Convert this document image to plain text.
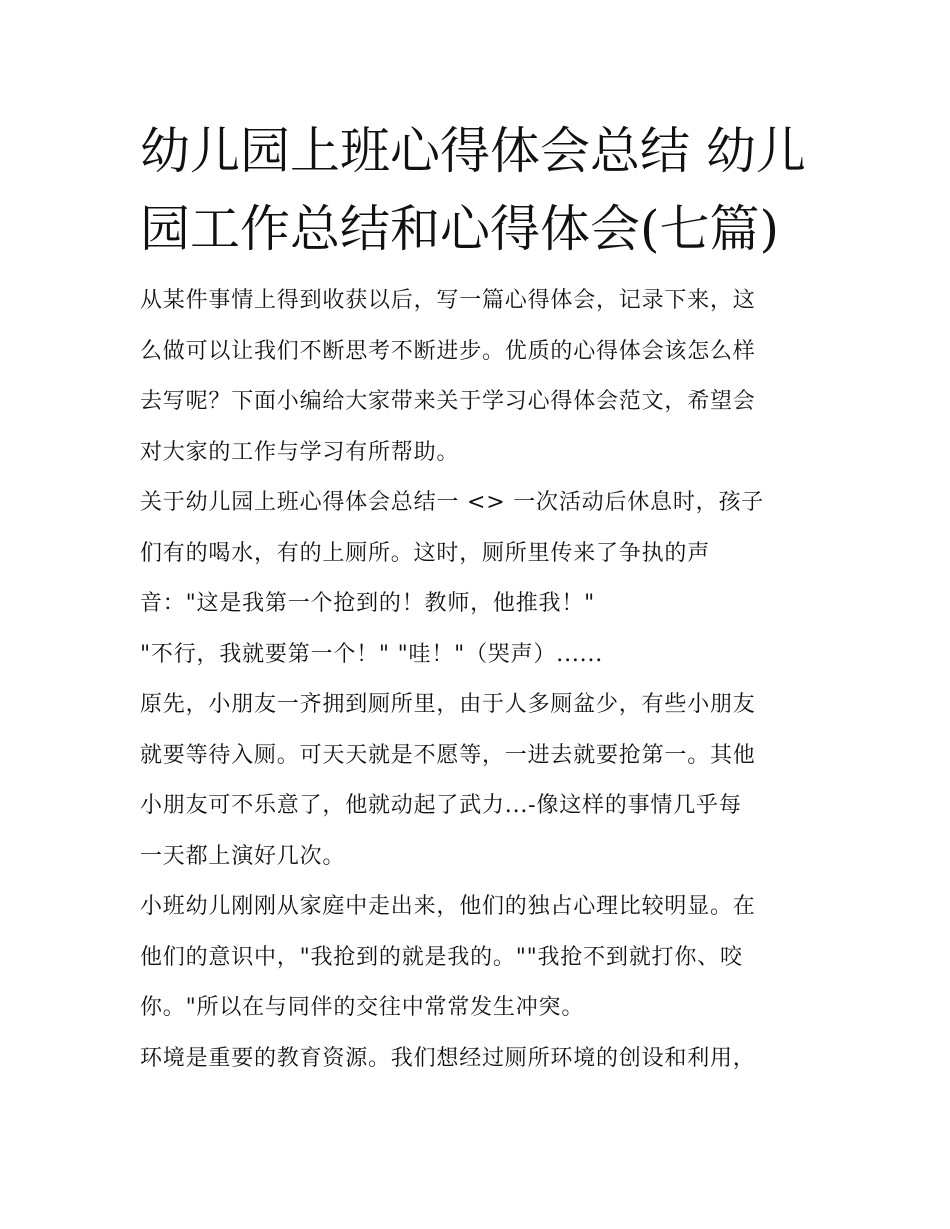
幼儿园上班心得体会总结 幼儿
园工作总结和心得体会(七篇)
从某件事情上得到收获以后，写一篇心得体会，记录下来，这
么做可以让我们不断思考不断进步。优质的心得体会该怎么样
去写呢？下面小编给大家带来关于学习心得体会范文，希望会
对大家的工作与学习有所帮助。
关于幼儿园上班心得体会总结一 <> 一次活动后休息时，孩子
们有的喝水，有的上厕所。这时，厕所里传来了争执的声
音："这是我第一个抢到的！教师，他推我！"
"不行，我就要第一个！" "哇！"（哭声）......
原先，小朋友一齐拥到厕所里，由于人多厕盆少，有些小朋友
就要等待入厕。可天天就是不愿等，一进去就要抢第一。其他
小朋友可不乐意了，他就动起了武力...-像这样的事情几乎每
一天都上演好几次。
小班幼儿刚刚从家庭中走出来，他们的独占心理比较明显。在
他们的意识中，"我抢到的就是我的。""我抢不到就打你、咬
你。"所以在与同伴的交往中常常发生冲突。
环境是重要的教育资源。我们想经过厕所环境的创设和利用，
